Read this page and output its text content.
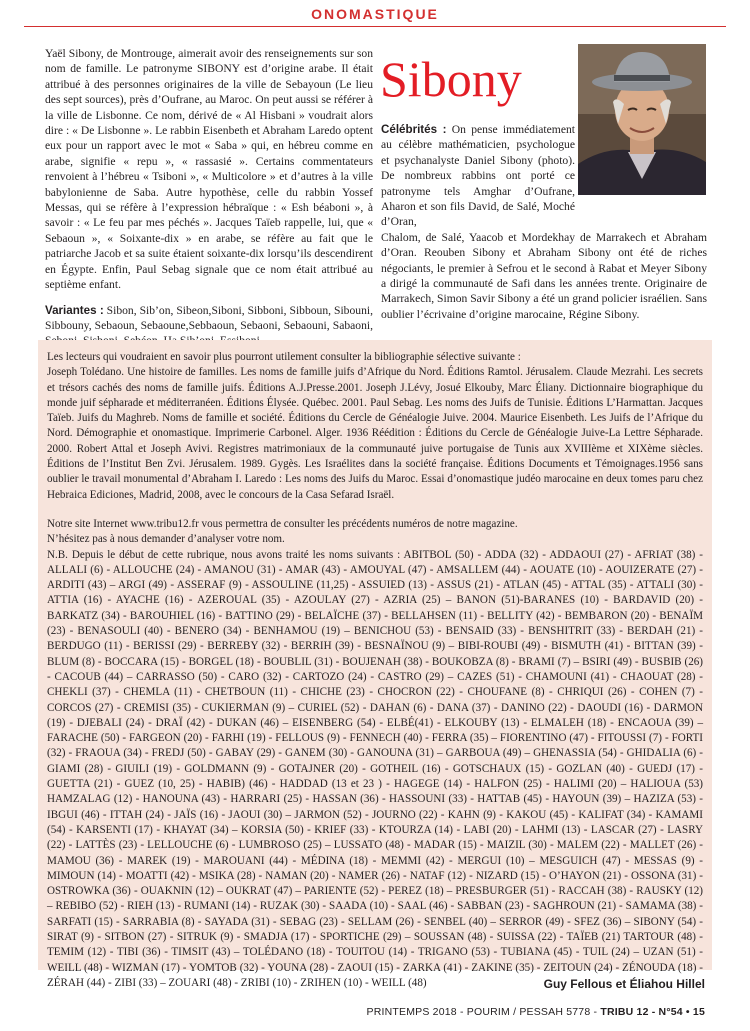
ONOMASTIQUE

Yaël Sibony, de Montrouge, aimerait avoir des renseignements sur son nom de famille. Le patronyme SIBONY est d’origine arabe. Il était attribué à des personnes originaires de la ville de Sebayoun (Le lieu des sept sources), près d’Oufrane, au Maroc. On peut aussi se référer à la ville de Lisbonne. Ce nom, dérivé de « Al Hisbani » voudrait alors dire : « De Lisbonne ». Le rabbin Eisenbeth et Abraham Laredo optent eux pour un rapport avec le mot « Saba » qui, en hébreu comme en arabe, signifie « repu », « rassasié ». Certains commentateurs renvoient à l’hébreu « Tsiboni », « Multicolore » et d’autres à la ville babylonienne de Saba. Autre hypothèse, celle du rabbin Yossef Messas, qui se réfère à l’expression hébraïque : « Esh béaboni », à savoir : « Le feu par mes péchés ». Jacques Taïeb rappelle, lui, que « Sebaoun », « Soixante-dix » en arabe, se réfère au fait que le patriarche Jacob et sa suite étaient soixante-dix lorsqu’ils descendirent en Égypte. Enfin, Paul Sebag signale que ce nom était attribué au septième enfant.

Variantes : Sibon, Sib’on, Sibeon,Siboni, Sibboni, Sibboun, Sibouni, Sibbouny, Sebaoun, Sebaoune,Sebbaoun, Sebaoni, Sebaouni, Sabaoni,

Sibony

Célébrités : On pense immédiatement au célèbre mathématicien, psychologue et psychanalyste Daniel Sibony (photo). De nombreux rabbins ont porté ce patronyme tels Amghar d’Oufrane, Aharon et son fils David, de Salé, Moché d’Oran,

Chalom, de Salé, Yaacob et Mordekhay de Marrakech et Abraham d’Oran. Reouben Sibony et Abraham Sibony ont été de riches négociants, le premier à Sefrou et le second à Rabat et Meyer Sibony a dirigé la communauté de Safi dans les années trente. Originaire de Marrakech, Simon Savir Sibony a été un grand policier israélien. Sans oublier l’écrivaine d’origine marocaine, Régine Sibony.

Les lecteurs qui voudraient en savoir plus pourront utilement consulter la bibliographie sélective suivante :

Joseph Tolédano. Une histoire de familles. Les noms de famille juifs d’Afrique du Nord. Éditions Ramtol. Jérusalem. Claude Mezrahi. Les secrets et trésors cachés des noms de famille juifs. Éditions A.J.Presse.2001. Joseph J.Lévy, Josué Elkouby, Marc Éliany. Dictionnaire biographique du monde juif sépharade et méditerranéen. Éditions Élysée. Québec. 2001. Paul Sebag. Les noms des Juifs de Tunisie. Éditions L’Harmattan. Jacques Taïeb. Juifs du Maghreb. Noms de famille et société. Éditions du Cercle de Généalogie Juive. 2004. Maurice Eisenbeth. Les Juifs de l’Afrique du Nord. Démographie et onomastique. Imprimerie Carbonel. Alger. 1936 Réédition : Éditions du Cercle de Généalogie Juive-La Lettre Sépharade. 2000. Robert Attal et Joseph Avivi. Registres matrimoniaux de la communauté juive portugaise de Tunis aux XVIIIème et XIXème siècles. Éditions de l’Institut Ben Zvi. Jérusalem. 1989. Gygès. Les Israélites dans la société française. Éditions Documents et Témoignages.1956 sans oublier le travail monumental d’Abraham I. Laredo : Les noms des Juifs du Maroc. Essai d’onomastique judéo marocaine en deux tomes paru chez Hebraica Ediciones, Madrid, 2008, avec le concours de la Casa Sefarad Israël.

Notre site Internet www.tribu12.fr vous permettra de consulter les précédents numéros de notre magazine.

N’hésitez pas à nous demander d’analyser votre nom.

N.B. Depuis le début de cette rubrique, nous avons traité les noms suivants : ABITBOL (50) - ADDA (32) - ADDAOUI (27) - AFRIAT (38) - ALLALI (6) - ALLOUCHE (24) - AMANOU (31) - AMAR (43) - AMOUYAL (47) - AMSALLEM (44) - AOUATE (10) - AOUIZERATE (27) - ARDITI (43) – ARGI (49) - ASSERAF (9) - ASSOULINE (11,25) - ASSUIED (13) - ASSUS (21) - ATLAN (45) - ATTAL (35) - ATTALI (30) - ATTIA (16) - AYACHE (16) - AZEROUAL (35) - AZOULAY (27) - AZRIA (25) – BANON (51)-BARANES (10) - BARDAVID (20) - BARKATZ (34) - BAROUHIEL (16) - BATTINO (29) - BELAÏCHE (37) - BELLAHSEN (11) - BELLITY (42) - BEMBARON (20) - BENAÏM (23) - BENASOULI (40) - BENERO (34) - BENHAMOU (19) – BENICHOU (53) - BENSAID (33) - BENSHITRIT (33) - BERDAH (21) - BERDUGO (11) - BERISSI (29) - BERREBY (32) - BERRIH (39) - BESNAÏNOU (9) – BIBI-ROUBI (49) - BISMUTH (41) - BITTAN (39) - BLUM (8) - BOCCARA (15) - BORGEL (18) - BOUBLIL (31) - BOUJENAH (38) - BOUKOBZA (8) - BRAMI (7) – BSIRI (49) - BUSBIB (26) - CACOUB (44) – CARRASSO (50) - CARO (32) - CARTOZO (24) - CASTRO (29) – CAZES (51) - CHAMOUNI (41) - CHAOUAT (28) - CHEKLI (37) - CHEMLA (11) - CHETBOUN (11) - CHICHE (23) - CHOCRON (22) - CHOUFANE (8) - CHRIQUI (26) - COHEN (7) - CORCOS (27) - CREMISI (35) - CUKIERMAN (9) – CURIEL (52) - DAHAN (6) - DANA (37) - DANINO (22) - DAOUDI (16) - DARMON (19) - DJEBALI (24) - DRAÏ (42) - DUKAN (46) – EISENBERG (54) - ELBÉ(41) - ELKOUBY (13) - ELMALEH (18) - ENCAOUA (39) – FARACHE (50) - FARGEON (20) - FARHI (19) - FELLOUS (9) - FENNECH (40) - FERRA (35) – FIORENTINO (47) - FITOUSSI (7) - FORTI (32) - FRAOUA (34) - FREDJ (50) - GABAY (29) - GANEM (30) - GANOUNA (31) – GARBOUA (49) – GHENASSIA (54) - GHIDALIA (6) - GIAMI (28) - GIUILI (19) - GOLDMANN (9) - GOTAJNER (20) - GOTHEIL (16) - GOTSCHAUX (15) - GOZLAN (40) - GUEDJ (17) - GUETTA (21) - GUEZ (10, 25) - HABIB) (46) - HADDAD (13 et 23 ) - HAGEGE (14) - HALFON (25) - HALIMI (20) – HALIOUA (53) HAMZALAG (12) - HANOUNA (43) - HARRARI (25) - HASSAN (36) - HASSOUNI (33) - HATTAB (45) - HAYOUN (39) – HAZIZA (53) - IBGUI (46) - ITTAH (24) - JAÏS (16) - JAOUI (30) – JARMON (52) - JOURNO (22) - KAHN (9) - KAKOU (45) - KALIFAT (34) - KAMAMI (54) - KARSENTI (17) - KHAYAT (34) – KORSIA (50) - KRIEF (33) - KTOURZA (14) - LABI (20) - LAHMI (13) - LASCAR (27) - LASRY (22) - LATTÈS (23) - LELLOUCHE (6) - LUMBROSO (25) – LUSSATO (48) - MADAR (15) - MAIZIL (30) - MALEM (22) - MALLET (26) - MAMOU (36) - MAREK (19) - MAROUANI (44) - MÉDINA (18) - MEMMI (42) - MERGUI (10) – MESGUICH (47) - MESSAS (9) - MIMOUN (14) - MOATTI (42) - MSIKA (28) - NAMAN (20) - NAMER (26) - NATAF (12) - NIZARD (15) - O’HAYON (21) - OSSONA (31) - OSTROWKA (36) - OUAKNIN (12) – OUKRAT (47) – PARIENTE (52) - PEREZ (18) – PRESBURGER (51) - RACCAH (38) - RAUSKY (12) – REBIBO (52) - RIEH (13) - RUMANI (14) - RUZAK (30) - SAADA (10) - SAAL (46) - SABBAN (23) - SAGHROUN (21) - SAMAMA (38) - SARFATI (15) - SARRABIA (8) - SAYADA (31) - SEBAG (23) - SELLAM (26) - SENBEL (40) – SERROR (49) - SFEZ (36) – SIBONY (54) - SIRAT (9) - SITBON (27) - SITRUK (9) - SMADJA (17) - SPORTICHE (29) – SOUSSAN (48) - SUISSA (22) - TAÏEB (21) TARTOUR (48) - TEMIM (12) - TIBI (36) - TIMSIT (43) – TOLÉDANO (18) - TOUITOU (14) - TRIGANO (53) - TUBIANA (45) - TUIL (24) – UZAN (51) - WEILL (48) - WIZMAN (17) - YOMTOB (32) - YOUNA (28) - ZAOUI (15) - ZARKA (41) - ZAKINE (35) - ZEITOUN (24) - ZÉNOUDA (18) - ZÉRAH (44) - ZIBI (33) – ZOUARI (48) - ZRIBI (10) - ZRIHEN (10) - WEILL (48)	Guy Fellous et Éliahou Hillel
PRINTEMPS 2018 - POURIM / PESSAH 5778 - TRIBU 12 - N°54 • 15
